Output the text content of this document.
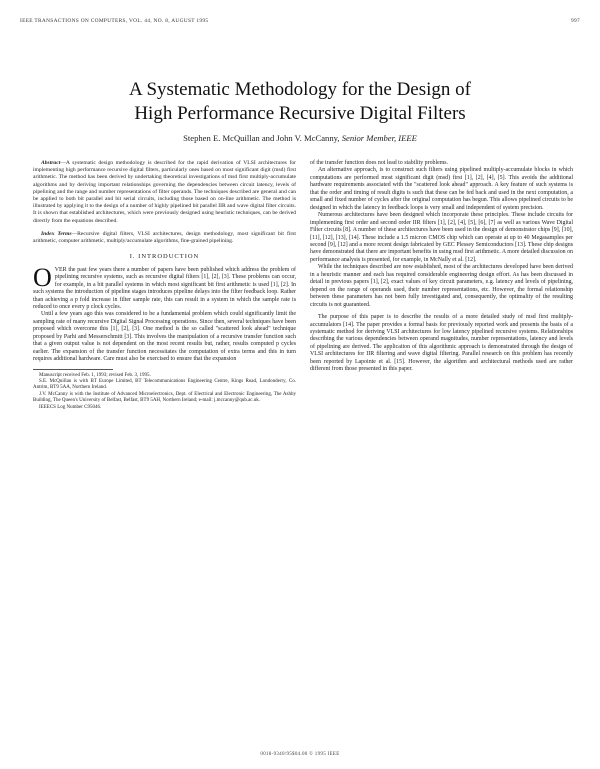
IEEE TRANSACTIONS ON COMPUTERS, VOL. 44, NO. 8, AUGUST 1995	997
A Systematic Methodology for the Design of
High Performance Recursive Digital Filters
Stephen E. McQuillan and John V. McCanny, Senior Member, IEEE

Abstract—A systematic design methodology is described for the rapid derivation of VLSI architectures for implementing high performance recursive digital filters, particularly ones based on most significant digit (msd) first arithmetic. The method has been derived by undertaking theoretical investigations of msd first multiply-accumulate algorithms and by deriving important relationships governing the dependencies between circuit latency, levels of pipelining and the range and number representations of filter operands. The techniques described are general and can be applied to both bit parallel and bit serial circuits, including those based on on-line arithmetic. The method is illustrated by applying it to the design of a number of highly pipelined bit parallel IIR and wave digital filter circuits. It is shown that established architectures, which were previously designed using heuristic techniques, can be derived directly from the equations described.

Index Terms—Recursive digital filters, VLSI architectures, design methodology, most significant bit first arithmetic, computer arithmetic, multiply/accumulate algorithms, fine-grained pipelining.

I. INTRODUCTION

OVER the past few years there a number of papers have been published which address the problem of pipelining recursive systems, such as recursive digital filters [1], [2], [3]. These problems can occur, for example, in a bit parallel systems in which most significant bit first arithmetic is used [1], [2]. In such systems the introduction of pipeline stages introduces pipeline delays into the filter feedback loop. Rather than achieving a p fold increase in filter sample rate, this can result in a system in which the sample rate is reduced to once every p clock cycles.

Until a few years ago this was considered to be a fundamental problem which could significantly limit the sampling rate of many recursive Digital Signal Processing operations. Since then, several techniques have been proposed which overcome this [1], [2], [3]. One method is the so called "scattered look ahead" technique proposed by Parhi and Messerschmitt [3]. This involves the manipulation of a recursive transfer function such that a given output value is not dependent on the most recent results but, rather, results computed p cycles earlier. The expansion of the transfer function necessitates the computation of extra terms and this in turn requires additional hardware. Care must also be exercised to ensure that the expansion

Manuscript received Feb. 1, 1993; revised Feb. 3, 1995.

S.E. McQuillan is with BT Europe Limited, BT Telecommunications Engineering Centre, Kings Road, Londonderry, Co. Antrim, BT9 5AA, Northern Ireland.

J.V. McCanny is with the Institute of Advanced Microelectronics, Dept. of Electrical and Electronic Engineering, The Ashby Building, The Queen's University of Belfast, Belfast, BT9 5AH, Northern Ireland; e-mail: j.mccanny@qub.ac.uk.

IEEECS Log Number C95046.

of the transfer function does not lead to stability problems.

An alternative approach, is to construct such filters using pipelined multiply-accumulate blocks in which computations are performed most significant digit (msd) first [1], [2], [4], [5]. This avoids the additional hardware requirements associated with the "scattered look ahead" approach. A key feature of such systems is that the order and timing of result digits is such that these can be fed back and used in the next computation, a small and fixed number of cycles after the original computation has begun. This allows pipelined circuits to be designed in which the latency in feedback loops is very small and independent of system precision.

Numerous architectures have been designed which incorporate these principles. These include circuits for implementing first order and second order IIR filters [1], [2], [4], [5], [6], [7] as well as various Wave Digital Filter circuits [8]. A number of these architectures have been used in the design of demonstrator chips [9], [10], [11], [12], [13], [14]. These include a 1.5 micron CMOS chip which can operate at up to 40 Megasamples per second [9], [12] and a more recent design fabricated by GEC Plessey Semiconductors [13]. These chip designs have demonstrated that there are important benefits in using msd first arithmetic. A more detailed discussion on performance analysis is presented, for example, in McNally et al. [12].

While the techniques described are now established, most of the architectures developed have been derived in a heuristic manner and each has required considerable engineering design effort. As has been discussed in detail in previous papers [1], [2], exact values of key circuit parameters, e.g. latency and levels of pipelining, depend on the range of operands used, their number representations, etc. However, the formal relationship between these parameters has not been fully investigated and, consequently, the optimality of the resulting circuits is not guaranteed.

The purpose of this paper is to describe the results of a more detailed study of msd first multiply-accumulators [14]. The paper provides a formal basis for previously reported work and presents the basis of a systematic method for deriving VLSI architectures for low latency pipelined recursive systems. Relationships describing the various dependencies between operand magnitudes, number representations, latency and levels of pipelining are derived. The application of this algorithmic approach is demonstrated through the design of VLSI architectures for IIR filtering and wave digital filtering. Parallel research on this problem has recently been reported by Lapointe et al. [15]. However, the algorithm and architectural methods used are rather different from those presented in this paper.

0018-9340/95$04.00 © 1995 IEEE
